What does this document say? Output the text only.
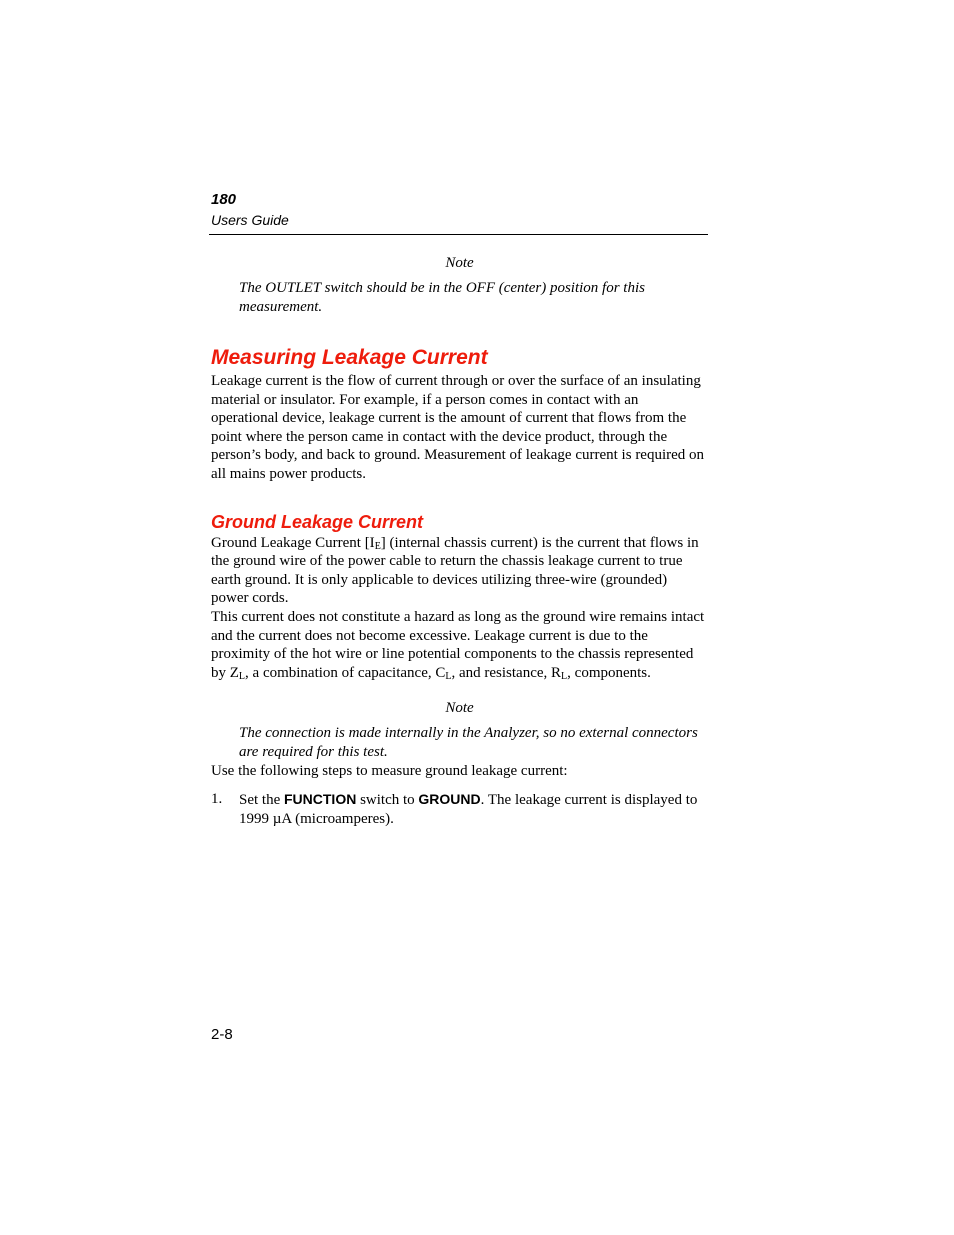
180
Users Guide

Note

The OUTLET switch should be in the OFF (center) position for this measurement.

Measuring Leakage Current

Leakage current is the flow of current through or over the surface of an insulating material or insulator. For example, if a person comes in contact with an operational device, leakage current is the amount of current that flows from the point where the person came in contact with the device product, through the person’s body, and back to ground. Measurement of leakage current is required on all mains power products.

Ground Leakage Current

Ground Leakage Current $[I_E]$ (internal chassis current) is the current that flows in the ground wire of the power cable to return the chassis leakage current to true earth ground. It is only applicable to devices utilizing three-wire (grounded) power cords.

This current does not constitute a hazard as long as the ground wire remains intact and the current does not become excessive. Leakage current is due to the proximity of the hot wire or line potential components to the chassis represented by $Z_L$, a combination of capacitance, $C_L$, and resistance, $R_L$, components.

Note

The connection is made internally in the Analyzer, so no external connectors are required for this test.

Use the following steps to measure ground leakage current:

1. Set the FUNCTION switch to GROUND. The leakage current is displayed to 1999 µA (microamperes).
2-8
